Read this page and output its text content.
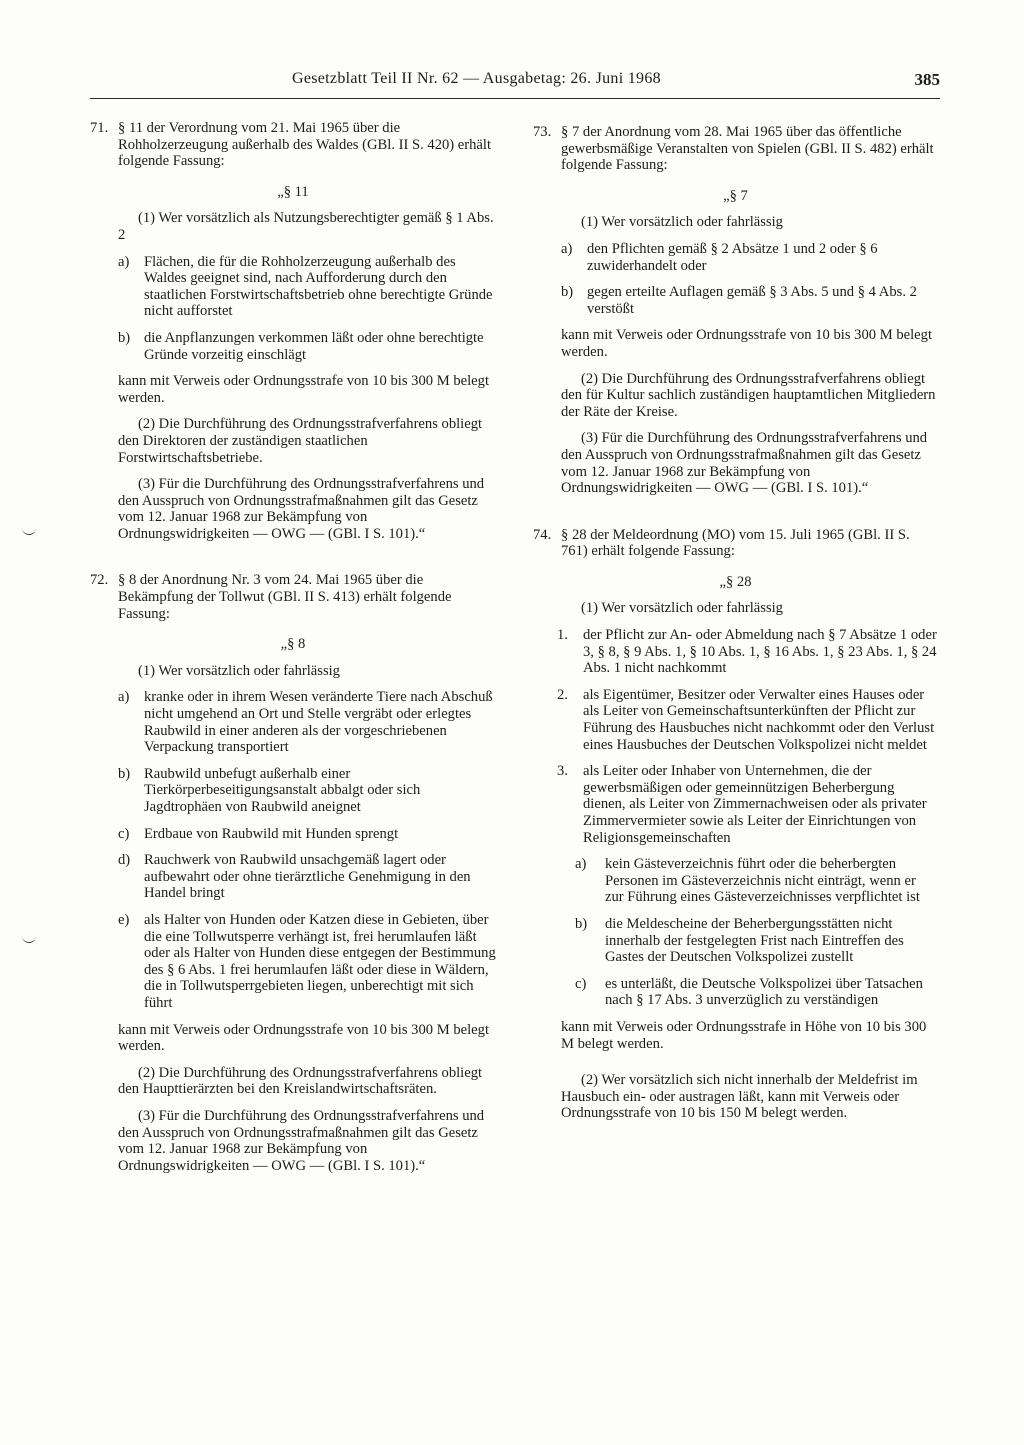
Gesetzblatt Teil II Nr. 62 — Ausgabetag: 26. Juni 1968	385

71. § 11 der Verordnung vom 21. Mai 1965 über die Rohholzerzeugung außerhalb des Waldes (GBl. II S. 420) erhält folgende Fassung:

„§ 11

(1) Wer vorsätzlich als Nutzungsberechtigter gemäß § 1 Abs. 2

a) Flächen, die für die Rohholzerzeugung außerhalb des Waldes geeignet sind, nach Aufforderung durch den staatlichen Forstwirtschaftsbetrieb ohne berechtigte Gründe nicht aufforstet
b) die Anpflanzungen verkommen läßt oder ohne berechtigte Gründe vorzeitig einschlägt

kann mit Verweis oder Ordnungsstrafe von 10 bis 300 M belegt werden.

(2) Die Durchführung des Ordnungsstrafverfahrens obliegt den Direktoren der zuständigen staatlichen Forstwirtschaftsbetriebe.

(3) Für die Durchführung des Ordnungsstrafverfahrens und den Ausspruch von Ordnungsstrafmaßnahmen gilt das Gesetz vom 12. Januar 1968 zur Bekämpfung von Ordnungswidrigkeiten — OWG — (GBl. I S. 101).“

72. § 8 der Anordnung Nr. 3 vom 24. Mai 1965 über die Bekämpfung der Tollwut (GBl. II S. 413) erhält folgende Fassung:

„§ 8

(1) Wer vorsätzlich oder fahrlässig

a) kranke oder in ihrem Wesen veränderte Tiere nach Abschuß nicht umgehend an Ort und Stelle vergräbt oder erlegtes Raubwild in einer anderen als der vorgeschriebenen Verpackung transportiert
b) Raubwild unbefugt außerhalb einer Tierkörperbeseitigungsanstalt abbalgt oder sich Jagdtrophäen von Raubwild aneignet
c) Erdbaue von Raubwild mit Hunden sprengt
d) Rauchwerk von Raubwild unsachgemäß lagert oder aufbewahrt oder ohne tierärztliche Genehmigung in den Handel bringt
e) als Halter von Hunden oder Katzen diese in Gebieten, über die eine Tollwutsperre verhängt ist, frei herumlaufen läßt oder als Halter von Hunden diese entgegen der Bestimmung des § 6 Abs. 1 frei herumlaufen läßt oder diese in Wäldern, die in Tollwutsperrgebieten liegen, unberechtigt mit sich führt

kann mit Verweis oder Ordnungsstrafe von 10 bis 300 M belegt werden.

(2) Die Durchführung des Ordnungsstrafverfahrens obliegt den Haupttierärzten bei den Kreislandwirtschaftsräten.

(3) Für die Durchführung des Ordnungsstrafverfahrens und den Ausspruch von Ordnungsstrafmaßnahmen gilt das Gesetz vom 12. Januar 1968 zur Bekämpfung von Ordnungswidrigkeiten — OWG — (GBl. I S. 101).“

73. § 7 der Anordnung vom 28. Mai 1965 über das öffentliche gewerbsmäßige Veranstalten von Spielen (GBl. II S. 482) erhält folgende Fassung:

„§ 7

(1) Wer vorsätzlich oder fahrlässig

a) den Pflichten gemäß § 2 Absätze 1 und 2 oder § 6 zuwiderhandelt oder
b) gegen erteilte Auflagen gemäß § 3 Abs. 5 und § 4 Abs. 2 verstößt

kann mit Verweis oder Ordnungsstrafe von 10 bis 300 M belegt werden.

(2) Die Durchführung des Ordnungsstrafverfahrens obliegt den für Kultur sachlich zuständigen hauptamtlichen Mitgliedern der Räte der Kreise.

(3) Für die Durchführung des Ordnungsstrafverfahrens und den Ausspruch von Ordnungsstrafmaßnahmen gilt das Gesetz vom 12. Januar 1968 zur Bekämpfung von Ordnungswidrigkeiten — OWG — (GBl. I S. 101).“

74. § 28 der Meldeordnung (MO) vom 15. Juli 1965 (GBl. II S. 761) erhält folgende Fassung:

„§ 28

(1) Wer vorsätzlich oder fahrlässig

1. der Pflicht zur An- oder Abmeldung nach § 7 Absätze 1 oder 3, § 8, § 9 Abs. 1, § 10 Abs. 1, § 16 Abs. 1, § 23 Abs. 1, § 24 Abs. 1 nicht nachkommt
2. als Eigentümer, Besitzer oder Verwalter eines Hauses oder als Leiter von Gemeinschaftsunterkünften der Pflicht zur Führung des Hausbuches nicht nachkommt oder den Verlust eines Hausbuches der Deutschen Volkspolizei nicht meldet
3. als Leiter oder Inhaber von Unternehmen, die der gewerbsmäßigen oder gemeinnützigen Beherbergung dienen, als Leiter von Zimmernachweisen oder als privater Zimmervermieter sowie als Leiter der Einrichtungen von Religionsgemeinschaften
a) kein Gästeverzeichnis führt oder die beherbergten Personen im Gästeverzeichnis nicht einträgt, wenn er zur Führung eines Gästeverzeichnisses verpflichtet ist
b) die Meldescheine der Beherbergungsstätten nicht innerhalb der festgelegten Frist nach Eintreffen des Gastes der Deutschen Volkspolizei zustellt
c) es unterläßt, die Deutsche Volkspolizei über Tatsachen nach § 17 Abs. 3 unverzüglich zu verständigen

kann mit Verweis oder Ordnungsstrafe in Höhe von 10 bis 300 M belegt werden.

(2) Wer vorsätzlich sich nicht innerhalb der Meldefrist im Hausbuch ein- oder austragen läßt, kann mit Verweis oder Ordnungsstrafe von 10 bis 150 M belegt werden.
